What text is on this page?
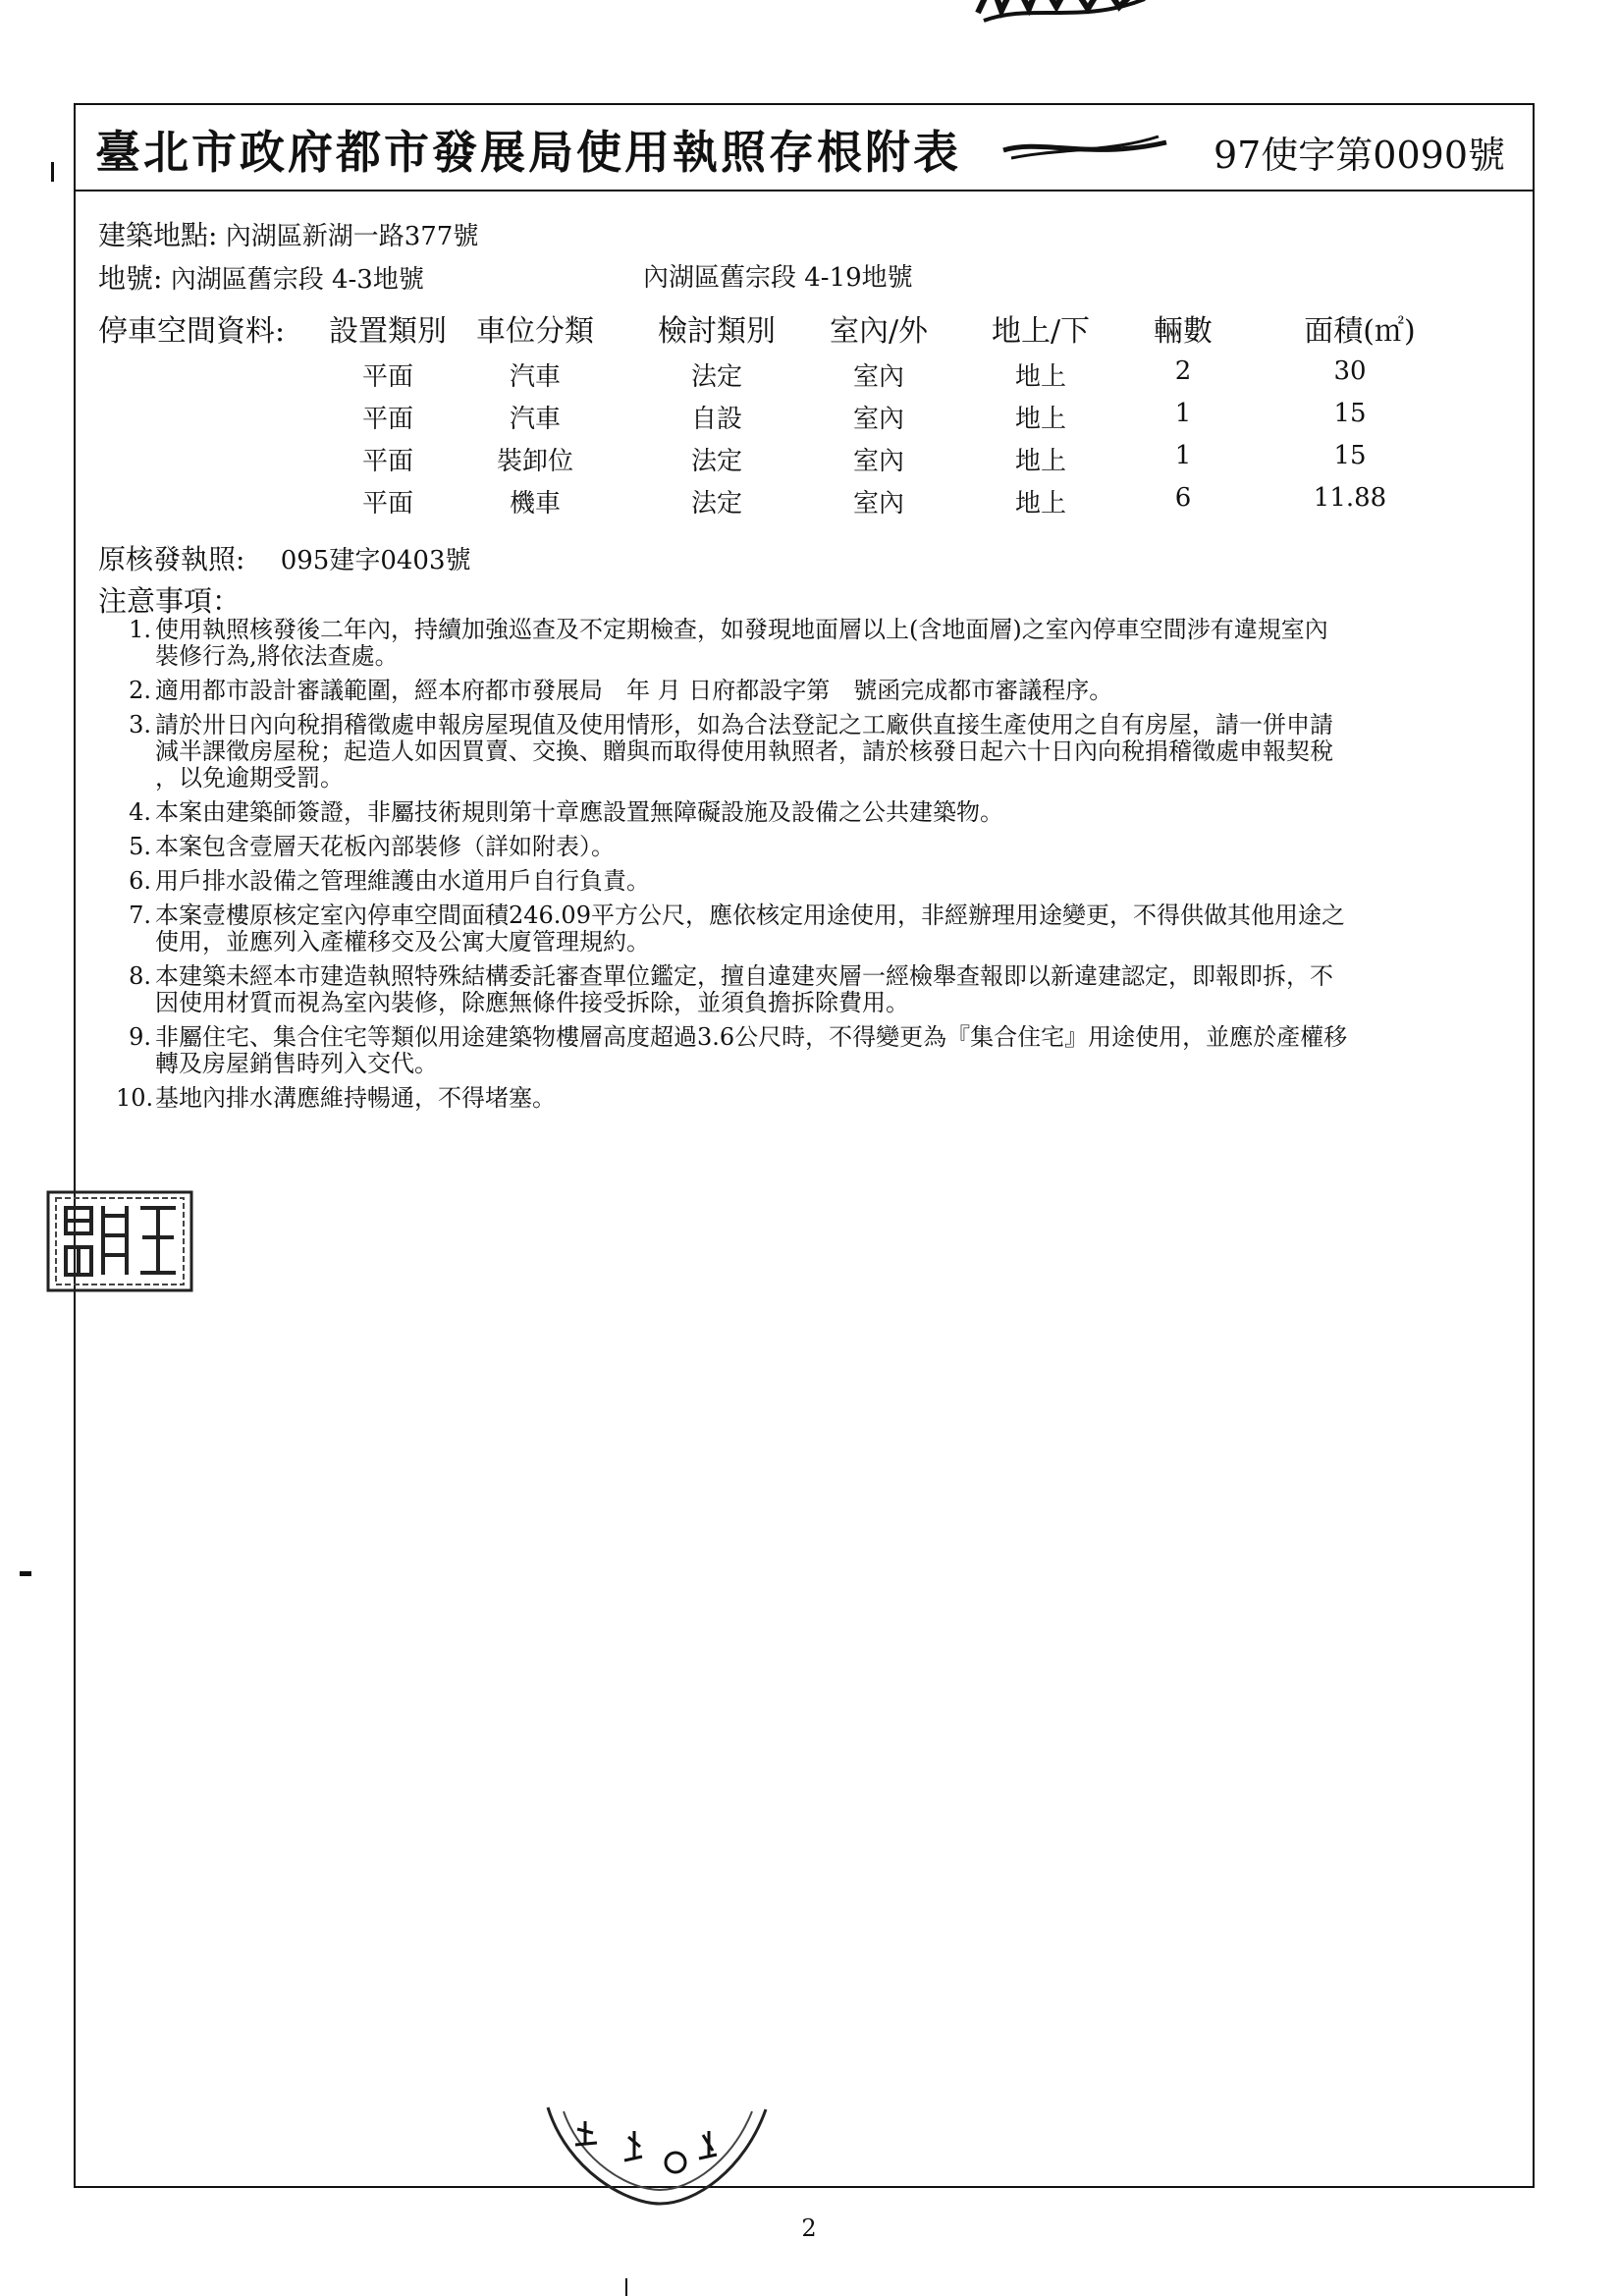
臺北市政府都市發展局使用執照存根附表	97使字第0090號
建築地點: 內湖區新湖一路377號
地號: 內湖區舊宗段 4-3地號	內湖區舊宗段 4-19地號
停車空間資料: 設置類別 車位分類 檢討類別 室內/外 地上/下 輛數	面積(㎡)
平面	汽車	法定	室內	地上	2	30
平面	汽車	自設	室內	地上	1	15
平面	裝卸位	法定	室內	地上	1	15
平面	機車	法定	室內	地上	6	11.88
原核發執照: 095建字0403號
注意事項：
1. 使用執照核發後二年內，持續加強巡查及不定期檢查，如發現地面層以上(含地面層)之室內停車空間涉有違規室內
裝修行為,將依法查處。
2. 適用都市設計審議範圍，經本府都市發展局　年 月 日府都設字第　號函完成都市審議程序。
3. 請於卅日內向稅捐稽徵處申報房屋現值及使用情形，如為合法登記之工廠供直接生產使用之自有房屋，請一併申請
減半課徵房屋稅；起造人如因買賣、交換、贈與而取得使用執照者，請於核發日起六十日內向稅捐稽徵處申報契稅
，以免逾期受罰。
4. 本案由建築師簽證，非屬技術規則第十章應設置無障礙設施及設備之公共建築物。
5. 本案包含壹層天花板內部裝修（詳如附表）。
6. 用戶排水設備之管理維護由水道用戶自行負責。
7. 本案壹樓原核定室內停車空間面積246.09平方公尺，應依核定用途使用，非經辦理用途變更，不得供做其他用途之
使用，並應列入產權移交及公寓大廈管理規約。
8. 本建築未經本市建造執照特殊結構委託審查單位鑑定，擅自違建夾層一經檢舉查報即以新違建認定，即報即拆，不
因使用材質而視為室內裝修，除應無條件接受拆除，並須負擔拆除費用。
9. 非屬住宅、集合住宅等類似用途建築物樓層高度超過3.6公尺時，不得變更為『集合住宅』用途使用，並應於產權移
轉及房屋銷售時列入交代。
10. 基地內排水溝應維持暢通，不得堵塞。
2
